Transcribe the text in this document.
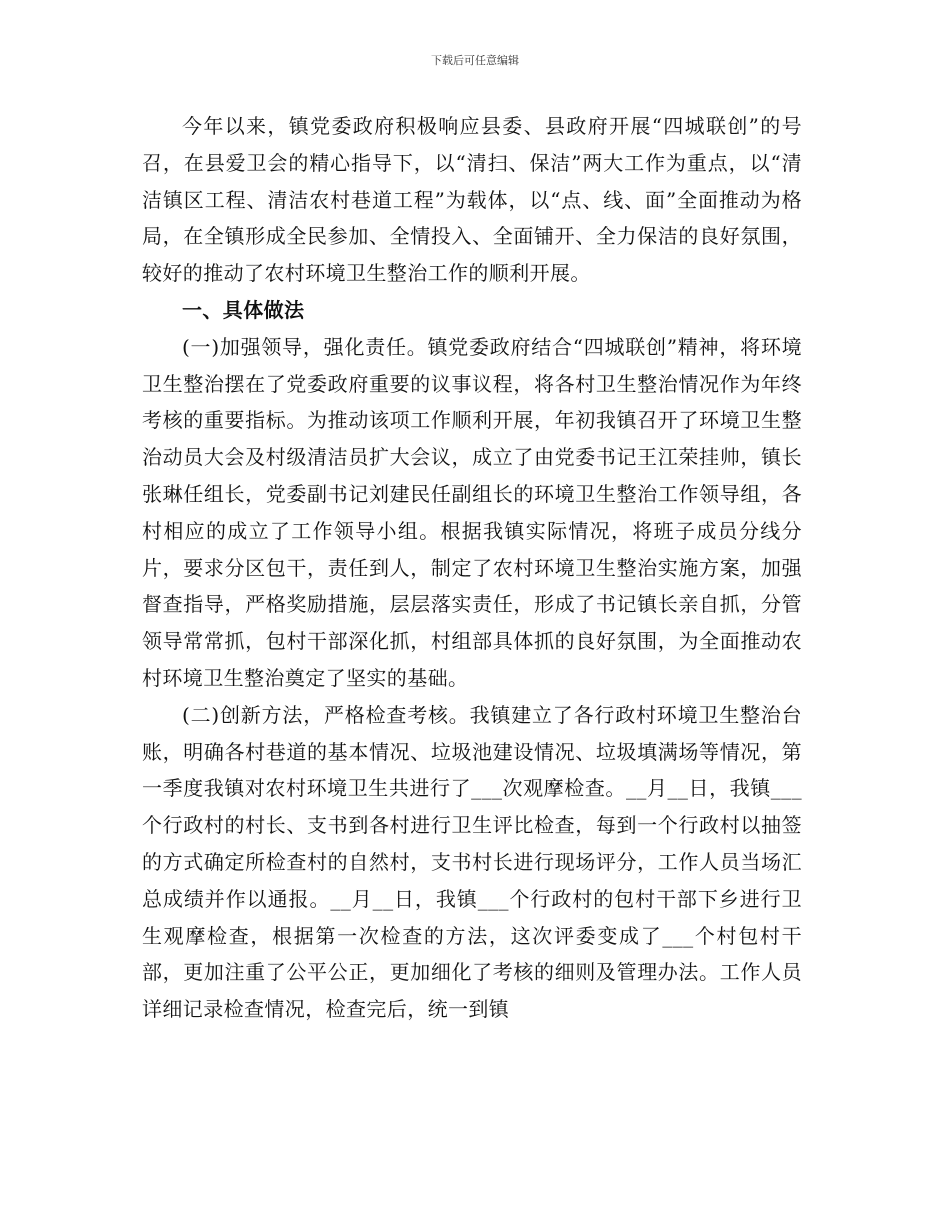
下载后可任意编辑

今年以来，镇党委政府积极响应县委、县政府开展“四城联创”的号召，在县爱卫会的精心指导下，以“清扫、保洁”两大工作为重点，以“清洁镇区工程、清洁农村巷道工程”为载体，以“点、线、面”全面推动为格局，在全镇形成全民参加、全情投入、全面铺开、全力保洁的良好氛围，较好的推动了农村环境卫生整治工作的顺利开展。

一、具体做法

(一)加强领导，强化责任。镇党委政府结合“四城联创”精神，将环境卫生整治摆在了党委政府重要的议事议程，将各村卫生整治情况作为年终考核的重要指标。为推动该项工作顺利开展，年初我镇召开了环境卫生整治动员大会及村级清洁员扩大会议，成立了由党委书记王江荣挂帅，镇长张琳任组长，党委副书记刘建民任副组长的环境卫生整治工作领导组，各村相应的成立了工作领导小组。根据我镇实际情况，将班子成员分线分片，要求分区包干，责任到人，制定了农村环境卫生整治实施方案，加强督查指导，严格奖励措施，层层落实责任，形成了书记镇长亲自抓，分管领导常常抓，包村干部深化抓，村组部具体抓的良好氛围，为全面推动农村环境卫生整治奠定了坚实的基础。

(二)创新方法，严格检查考核。我镇建立了各行政村环境卫生整治台账，明确各村巷道的基本情况、垃圾池建设情况、垃圾填满场等情况，第一季度我镇对农村环境卫生共进行了___次观摩检查。__月__日，我镇___个行政村的村长、支书到各村进行卫生评比检查，每到一个行政村以抽签的方式确定所检查村的自然村，支书村长进行现场评分，工作人员当场汇总成绩并作以通报。__月__日，我镇___个行政村的包村干部下乡进行卫生观摩检查，根据第一次检查的方法，这次评委变成了___个村包村干部，更加注重了公平公正，更加细化了考核的细则及管理办法。工作人员详细记录检查情况，检查完后，统一到镇
